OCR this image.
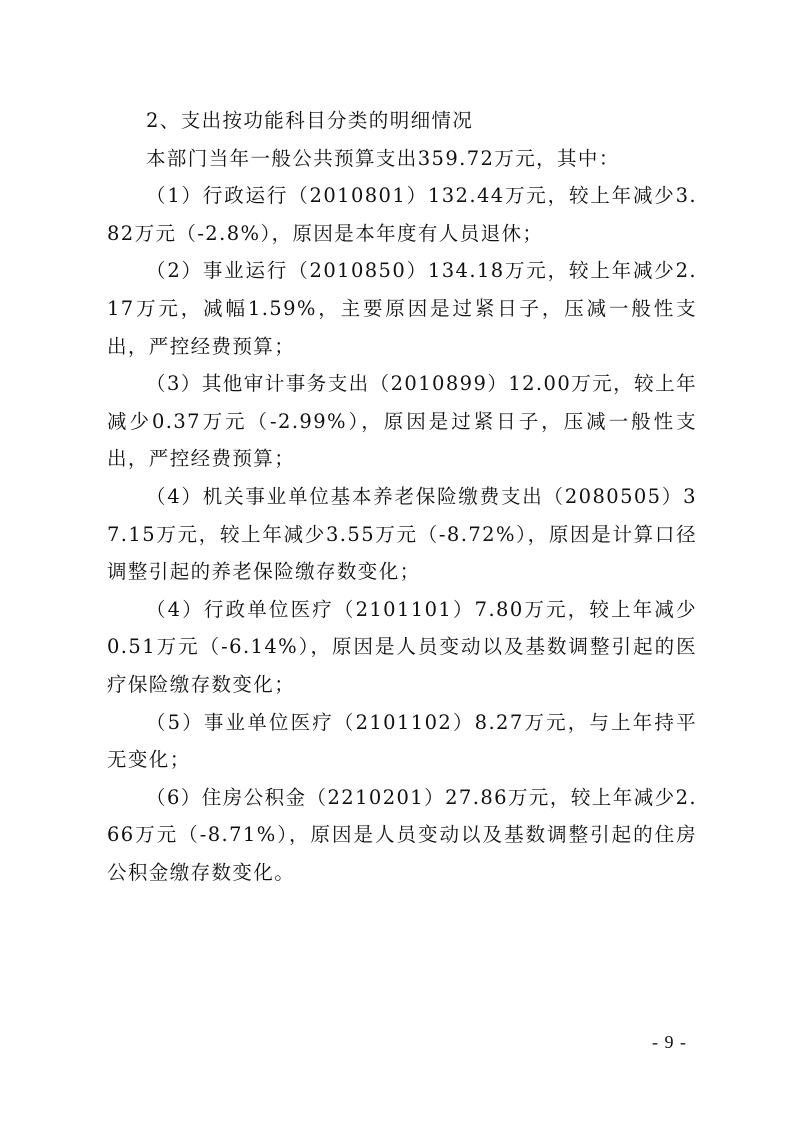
2、支出按功能科目分类的明细情况

本部门当年一般公共预算支出359.72万元，其中：

（1）行政运行（2010801）132.44万元，较上年减少3.82万元（-2.8%），原因是本年度有人员退休；

（2）事业运行（2010850）134.18万元，较上年减少2.17万元，减幅1.59%，主要原因是过紧日子，压减一般性支出，严控经费预算；

（3）其他审计事务支出（2010899）12.00万元，较上年减少0.37万元（-2.99%），原因是过紧日子，压减一般性支出，严控经费预算；

（4）机关事业单位基本养老保险缴费支出（2080505）37.15万元，较上年减少3.55万元（-8.72%），原因是计算口径调整引起的养老保险缴存数变化；

（4）行政单位医疗（2101101）7.80万元，较上年减少0.51万元（-6.14%），原因是人员变动以及基数调整引起的医疗保险缴存数变化；

（5）事业单位医疗（2101102）8.27万元，与上年持平无变化；

（6）住房公积金（2210201）27.86万元，较上年减少2.66万元（-8.71%），原因是人员变动以及基数调整引起的住房公积金缴存数变化。

- 9 -
